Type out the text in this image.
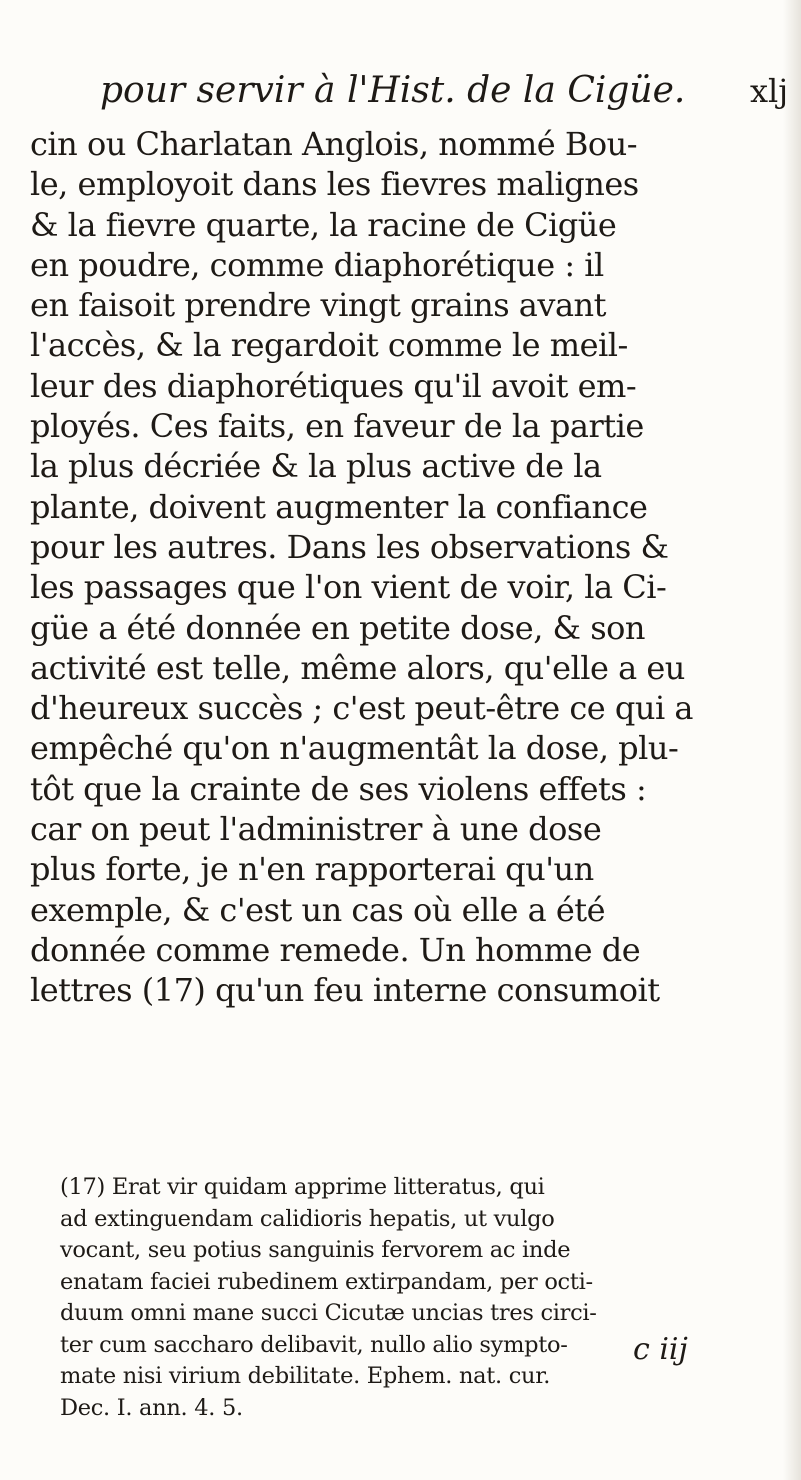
pour servir à l'Hist. de la Cigüe. xlj
cin ou Charlatan Anglois, nommé Bou-
le, employoit dans les fievres malignes
& la fievre quarte, la racine de Cigüe
en poudre, comme diaphorétique : il
en faisoit prendre vingt grains avant
l'accès, & la regardoit comme le meil-
leur des diaphorétiques qu'il avoit em-
ployés. Ces faits, en faveur de la partie
la plus décriée & la plus active de la
plante, doivent augmenter la confiance
pour les autres. Dans les observations &
les passages que l'on vient de voir, la Ci-
güe a été donnée en petite dose, & son
activité est telle, même alors, qu'elle a eu
d'heureux succès ; c'est peut-être ce qui a
empêché qu'on n'augmentât la dose, plu-
tôt que la crainte de ses violens effets :
car on peut l'administrer à une dose
plus forte, je n'en rapporterai qu'un
exemple, & c'est un cas où elle a été
donnée comme remede. Un homme de
lettres (17) qu'un feu interne consumoit
(17) Erat vir quidam apprime litteratus, qui
ad extinguendam calidioris hepatis, ut vulgo
vocant, seu potius sanguinis fervorem ac inde
enatam faciei rubedinem extirpandam, per octi-
duum omni mane succi Cicutæ uncias tres circi-
ter cum saccharo delibavit, nullo alio sympto-
mate nisi virium debilitate. Ephem. nat. cur.
Dec. I. ann. 4. 5.
c iij
